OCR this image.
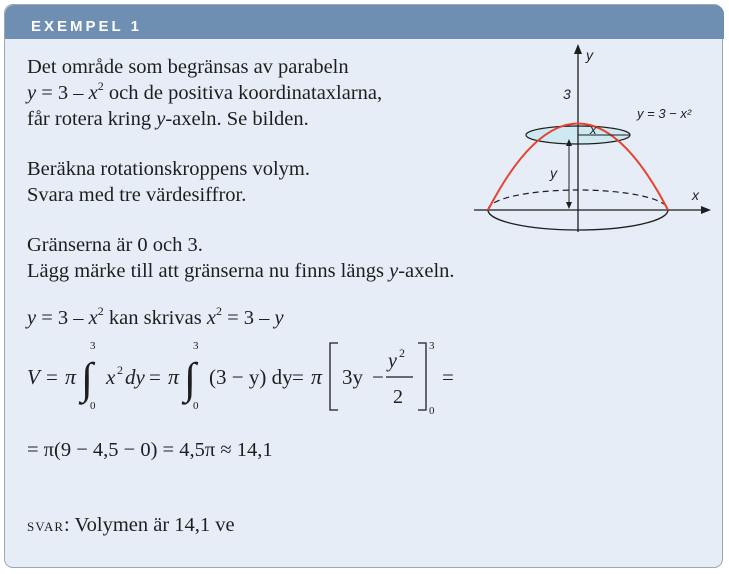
EXEMPEL 1
Det område som begränsas av parabeln
$y = 3 - x^2$ och de positiva koordinataxlarna,
får rotera kring y-axeln. Se bilden.
Beräkna rotationskroppens volym.
Svara med tre värdesiffror.
Gränserna är 0 och 3.
Lägg märke till att gränserna nu finns längs y-axeln.
$y = 3 - x^2$ kan skrivas $x^2 = 3 - y$
V = π ∫
3
0
x 2 dy = π ∫
3
0
(3 − y) dy = π 3y −
y 2
2
3
0
=
= π(9 − 4,5 − 0) = 4,5π ≈ 14,1
SVAR: Volymen är 14,1 ve
y
x
3
y = 3 − x²
x
y
